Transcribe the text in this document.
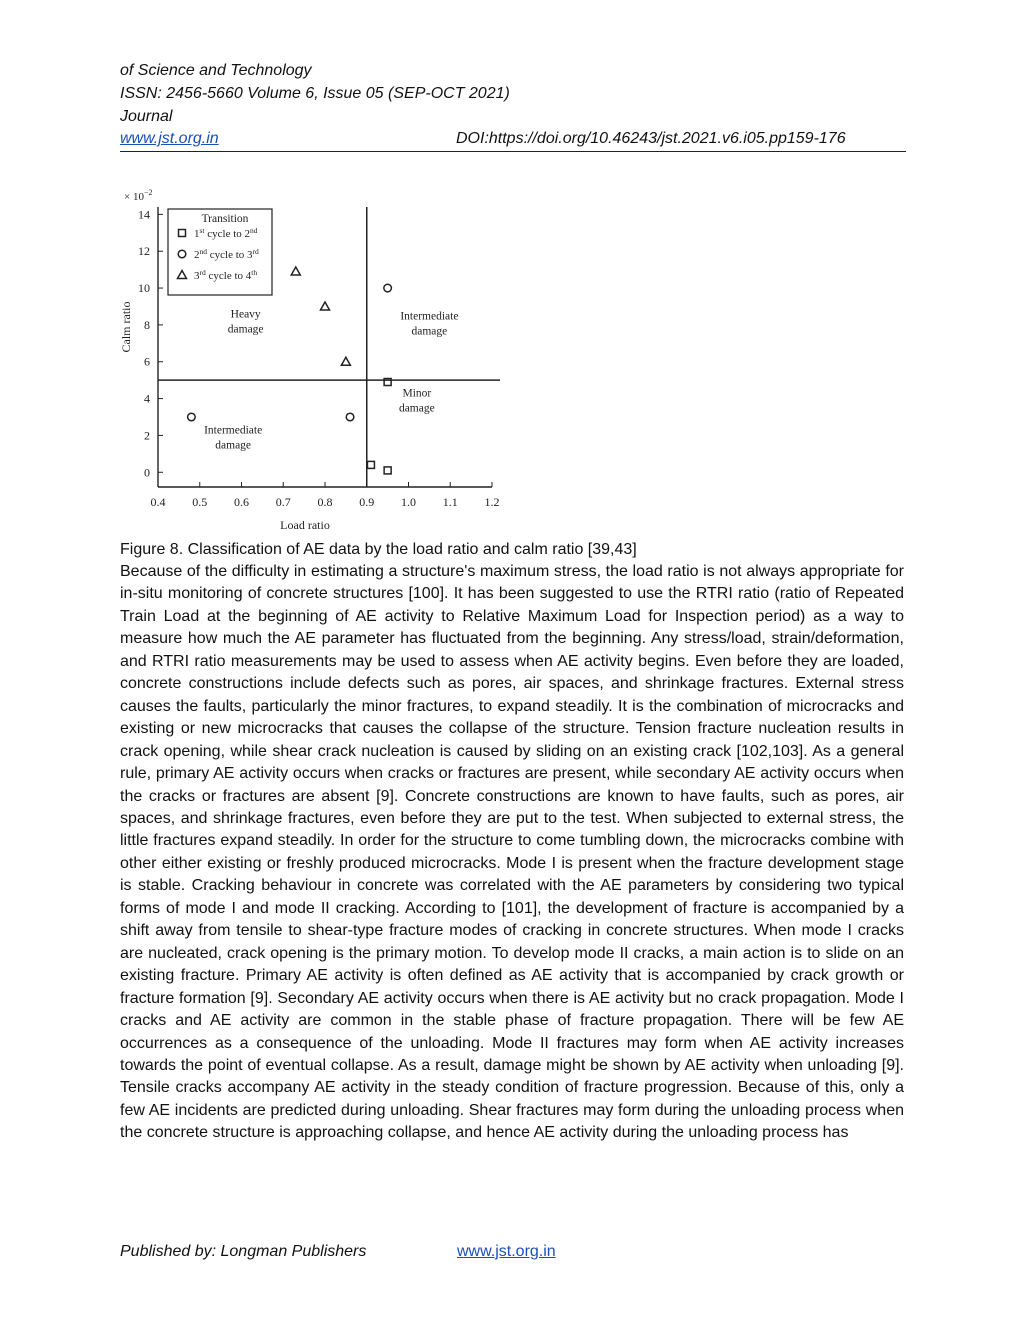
of Science and Technology
ISSN: 2456-5660 Volume 6, Issue 05 (SEP-OCT 2021)
Journal
www.jst.org.in	DOI:https://doi.org/10.46243/jst.2021.v6.i05.pp159-176
0.4 0.5 0.6 0.7 0.8 0.9 1.0 1.1 1.2
0
2
4
6
8
10
12
14	Transition
1st cycle to 2nd
2nd cycle to 3rd
3rd cycle to 4th
Heavy
damage
Intermediate
damage
Intermediate
damage
Minor
damage
Load ratio
Calm ratio
× $10^{-2}$
Figure 8. Classification of AE data by the load ratio and calm ratio [39,43]
Because of the difficulty in estimating a structure's maximum stress, the load ratio is not always appropriate for in-situ monitoring of concrete structures [100]. It has been suggested to use the RTRI ratio (ratio of Repeated Train Load at the beginning of AE activity to Relative Maximum Load for Inspection period) as a way to measure how much the AE parameter has fluctuated from the beginning. Any stress/load, strain/deformation, and RTRI ratio measurements may be used to assess when AE activity begins. Even before they are loaded, concrete constructions include defects such as pores, air spaces, and shrinkage fractures. External stress causes the faults, particularly the minor fractures, to expand steadily. It is the combination of microcracks and existing or new microcracks that causes the collapse of the structure. Tension fracture nucleation results in crack opening, while shear crack nucleation is caused by sliding on an existing crack [102,103]. As a general rule, primary AE activity occurs when cracks or fractures are present, while secondary AE activity occurs when the cracks or fractures are absent [9]. Concrete constructions are known to have faults, such as pores, air spaces, and shrinkage fractures, even before they are put to the test. When subjected to external stress, the little fractures expand steadily. In order for the structure to come tumbling down, the microcracks combine with other either existing or freshly produced microcracks. Mode I is present when the fracture development stage is stable. Cracking behaviour in concrete was correlated with the AE parameters by considering two typical forms of mode I and mode II cracking. According to [101], the development of fracture is accompanied by a shift away from tensile to shear-type fracture modes of cracking in concrete structures. When mode I cracks are nucleated, crack opening is the primary motion. To develop mode II cracks, a main action is to slide on an existing fracture. Primary AE activity is often defined as AE activity that is accompanied by crack growth or fracture formation [9]. Secondary AE activity occurs when there is AE activity but no crack propagation. Mode I cracks and AE activity are common in the stable phase of fracture propagation. There will be few AE occurrences as a consequence of the unloading. Mode II fractures may form when AE activity increases towards the point of eventual collapse. As a result, damage might be shown by AE activity when unloading [9]. Tensile cracks accompany AE activity in the steady condition of fracture progression. Because of this, only a few AE incidents are predicted during unloading. Shear fractures may form during the unloading process when the concrete structure is approaching collapse, and hence AE activity during the unloading process has
Published by: Longman Publishers	www.jst.org.in
